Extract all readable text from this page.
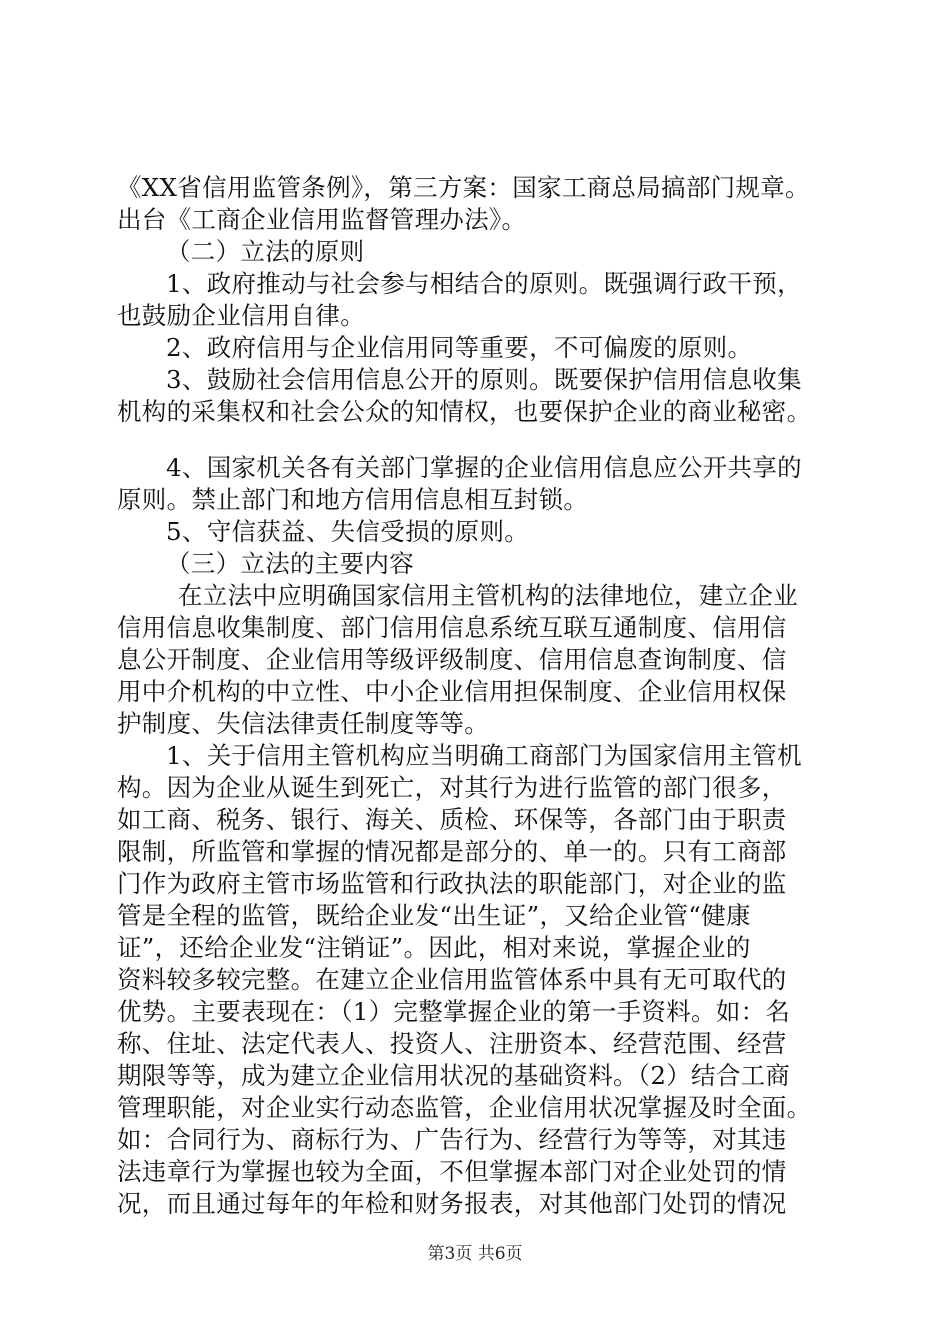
《XX省信用监管条例》，第三方案：国家工商总局搞部门规章。
出台《工商企业信用监督管理办法》。
（二）立法的原则
1、政府推动与社会参与相结合的原则。既强调行政干预，
也鼓励企业信用自律。
2、政府信用与企业信用同等重要，不可偏废的原则。
3、鼓励社会信用信息公开的原则。既要保护信用信息收集
机构的采集权和社会公众的知情权，也要保护企业的商业秘密。
4、国家机关各有关部门掌握的企业信用信息应公开共享的
原则。禁止部门和地方信用信息相互封锁。
5、守信获益、失信受损的原则。
（三）立法的主要内容
在立法中应明确国家信用主管机构的法律地位，建立企业
信用信息收集制度、部门信用信息系统互联互通制度、信用信
息公开制度、企业信用等级评级制度、信用信息查询制度、信
用中介机构的中立性、中小企业信用担保制度、企业信用权保
护制度、失信法律责任制度等等。
1、关于信用主管机构应当明确工商部门为国家信用主管机
构。因为企业从诞生到死亡，对其行为进行监管的部门很多，
如工商、税务、银行、海关、质检、环保等，各部门由于职责
限制，所监管和掌握的情况都是部分的、单一的。只有工商部
门作为政府主管市场监管和行政执法的职能部门，对企业的监
管是全程的监管，既给企业发“出生证”，又给企业管“健康
证”，还给企业发“注销证”。因此，相对来说，掌握企业的
资料较多较完整。在建立企业信用监管体系中具有无可取代的
优势。主要表现在：（1）完整掌握企业的第一手资料。如：名
称、住址、法定代表人、投资人、注册资本、经营范围、经营
期限等等，成为建立企业信用状况的基础资料。（2）结合工商
管理职能，对企业实行动态监管，企业信用状况掌握及时全面。
如：合同行为、商标行为、广告行为、经营行为等等，对其违
法违章行为掌握也较为全面，不但掌握本部门对企业处罚的情
况，而且通过每年的年检和财务报表，对其他部门处罚的情况
第3页 共6页
